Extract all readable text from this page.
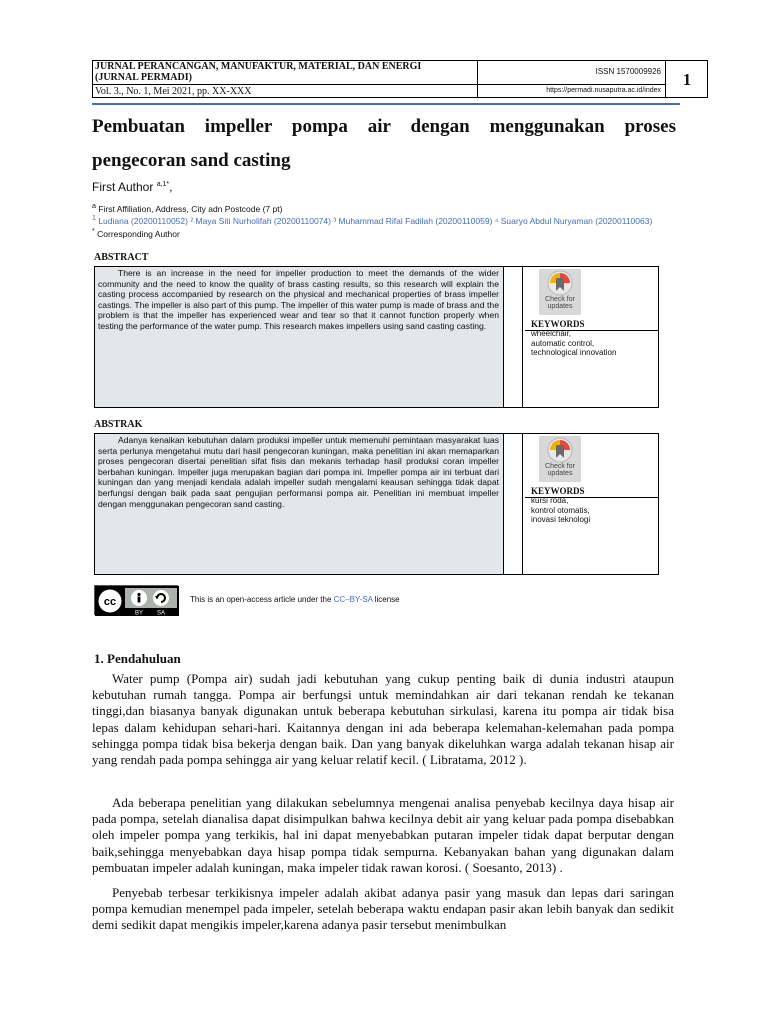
JURNAL PERANCANGAN, MANUFAKTUR, MATERIAL, DAN ENERGI
(JURNAL PERMADI)
ISSN 1570009926
Vol. 3., No. 1, Mei 2021, pp. XX-XXX	https://permadi.nusaputra.ac.id/index
1
Pembuatan impeller pompa air dengan menggunakan proses pengecoran sand casting
First Author $^{a,1*}$,
$^a$ First Affiliation, Address, City adn Postcode (7 pt)
$^1$ Ludiana (20200110052) ² Maya Siti Nurholifah (20200110074) ³ Muhammad Rifal Fadilah (20200110059) ⁴ Suaryo Abdul Nuryaman (20200110063)
* Corresponding Author
ABSTRACT

There is an increase in the need for impeller production to meet the demands of the wider community and the need to know the quality of brass casting results, so this research will explain the casting process accompanied by research on the physical and mechanical properties of brass impeller castings. The impeller is also part of this pump. The impeller of this water pump is made of brass and the problem is that the impeller has experienced wear and tear so that it cannot function properly when testing the performance of the water pump. This research makes impellers using sand casting casting.

Check for
updates
KEYWORDS
wheelchair,
automatic control,
technological innovation
ABSTRAK

Adanya kenaikan kebutuhan dalam produksi impeller untuk memenuhi pemintaan masyarakat luas serta perlunya mengetahui mutu dari hasil pengecoran kuningan, maka penelitian ini akan memaparkan proses pengecoran disertai penelitian sifat fisis dan mekanis terhadap hasil produksi coran impeller berbahan kuningan. Impeller juga merupakan bagian dari pompa ini. Impeller pompa air ini terbuat dari kuningan dan yang menjadi kendala adalah impeller sudah mengalami keausan sehingga tidak dapat berfungsi dengan baik pada saat pengujian performansi pompa air. Penelitian ini membuat impeller dengan menggunakan pengecoran sand casting.

Check for
updates
KEYWORDS
kursi roda,
kontrol otomatis,
inovasi teknologi
cc
BY SA
This is an open-access article under the CC–BY-SA license
1. Pendahuluan

Water pump (Pompa air) sudah jadi kebutuhan yang cukup penting baik di dunia industri ataupun kebutuhan rumah tangga. Pompa air berfungsi untuk memindahkan air dari tekanan rendah ke tekanan tinggi,dan biasanya banyak digunakan untuk beberapa kebutuhan sirkulasi, karena itu pompa air tidak bisa lepas dalam kehidupan sehari-hari. Kaitannya dengan ini ada beberapa kelemahan-kelemahan pada pompa sehingga pompa tidak bisa bekerja dengan baik. Dan yang banyak dikeluhkan warga adalah tekanan hisap air yang rendah pada pompa sehingga air yang keluar relatif kecil. ( Libratama, 2012 ).

Ada beberapa penelitian yang dilakukan sebelumnya mengenai analisa penyebab kecilnya daya hisap air pada pompa, setelah dianalisa dapat disimpulkan bahwa kecilnya debit air yang keluar pada pompa disebabkan oleh impeler pompa yang terkikis, hal ini dapat menyebabkan putaran impeler tidak dapat berputar dengan baik,sehingga menyebabkan daya hisap pompa tidak sempurna. Kebanyakan bahan yang digunakan dalam pembuatan impeler adalah kuningan, maka impeler tidak rawan korosi. ( Soesanto, 2013) .

Penyebab terbesar terkikisnya impeler adalah akibat adanya pasir yang masuk dan lepas dari saringan pompa kemudian menempel pada impeler, setelah beberapa waktu endapan pasir akan lebih banyak dan sedikit demi sedikit dapat mengikis impeler,karena adanya pasir tersebut menimbulkan
